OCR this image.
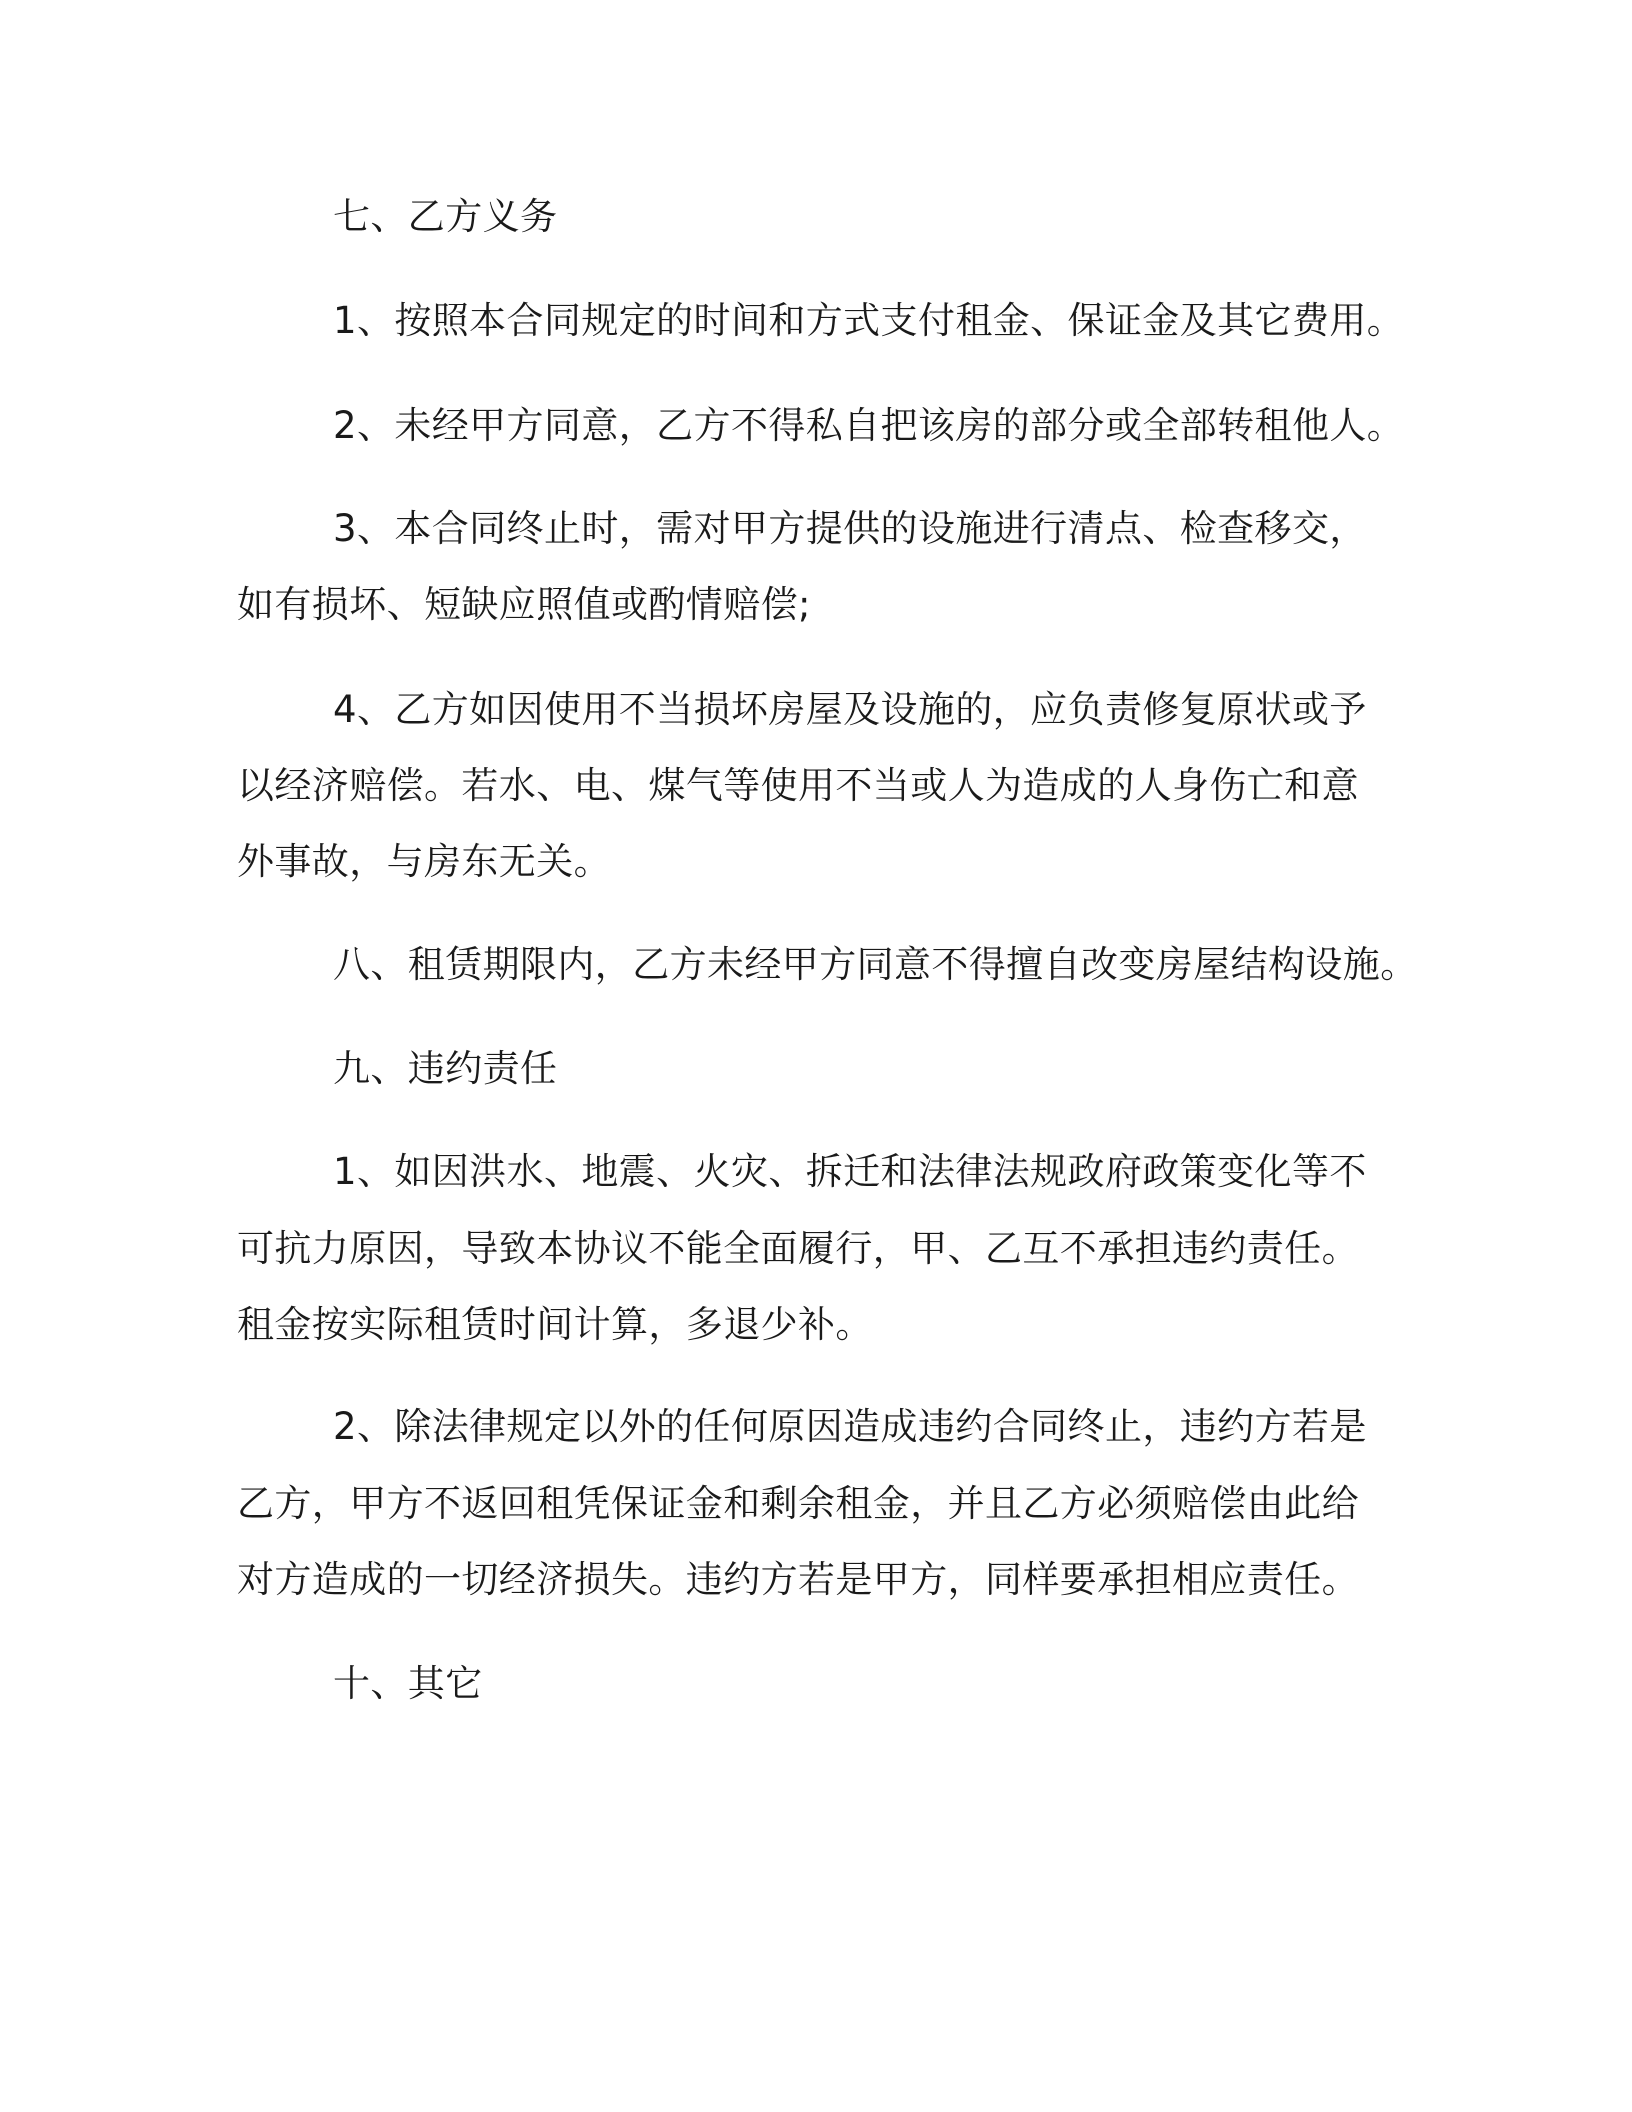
七、乙方义务
1、按照本合同规定的时间和方式支付租金、保证金及其它费用。
2、未经甲方同意，乙方不得私自把该房的部分或全部转租他人。
3、本合同终止时，需对甲方提供的设施进行清点、检查移交，
如有损坏、短缺应照值或酌情赔偿;
4、乙方如因使用不当损坏房屋及设施的，应负责修复原状或予
以经济赔偿。若水、电、煤气等使用不当或人为造成的人身伤亡和意
外事故，与房东无关。
八、租赁期限内，乙方未经甲方同意不得擅自改变房屋结构设施。
九、违约责任
1、如因洪水、地震、火灾、拆迁和法律法规政府政策变化等不
可抗力原因，导致本协议不能全面履行，甲、乙互不承担违约责任。
租金按实际租赁时间计算，多退少补。
2、除法律规定以外的任何原因造成违约合同终止，违约方若是
乙方，甲方不返回租凭保证金和剩余租金，并且乙方必须赔偿由此给
对方造成的一切经济损失。违约方若是甲方，同样要承担相应责任。
十、其它
